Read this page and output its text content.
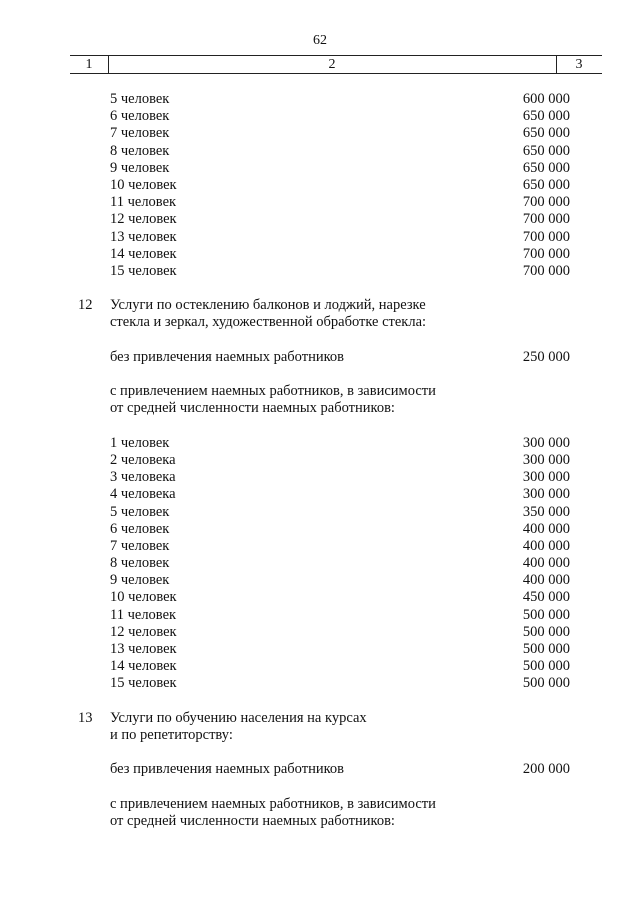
62
1	2	3
5 человек	600 000
6 человек	650 000
7 человек	650 000
8 человек	650 000
9 человек	650 000
10 человек	650 000
11 человек	700 000
12 человек	700 000
13 человек	700 000
14 человек	700 000
15 человек	700 000
12 Услуги по остеклению балконов и лоджий, нарезке
стекла и зеркал, художественной обработке стекла:
без привлечения наемных работников	250 000
с привлечением наемных работников, в зависимости
от средней численности наемных работников:
1 человек	300 000
2 человека	300 000
3 человека	300 000
4 человека	300 000
5 человек	350 000
6 человек	400 000
7 человек	400 000
8 человек	400 000
9 человек	400 000
10 человек	450 000
11 человек	500 000
12 человек	500 000
13 человек	500 000
14 человек	500 000
15 человек	500 000
13 Услуги по обучению населения на курсах
и по репетиторству:
без привлечения наемных работников	200 000
с привлечением наемных работников, в зависимости
от средней численности наемных работников:
